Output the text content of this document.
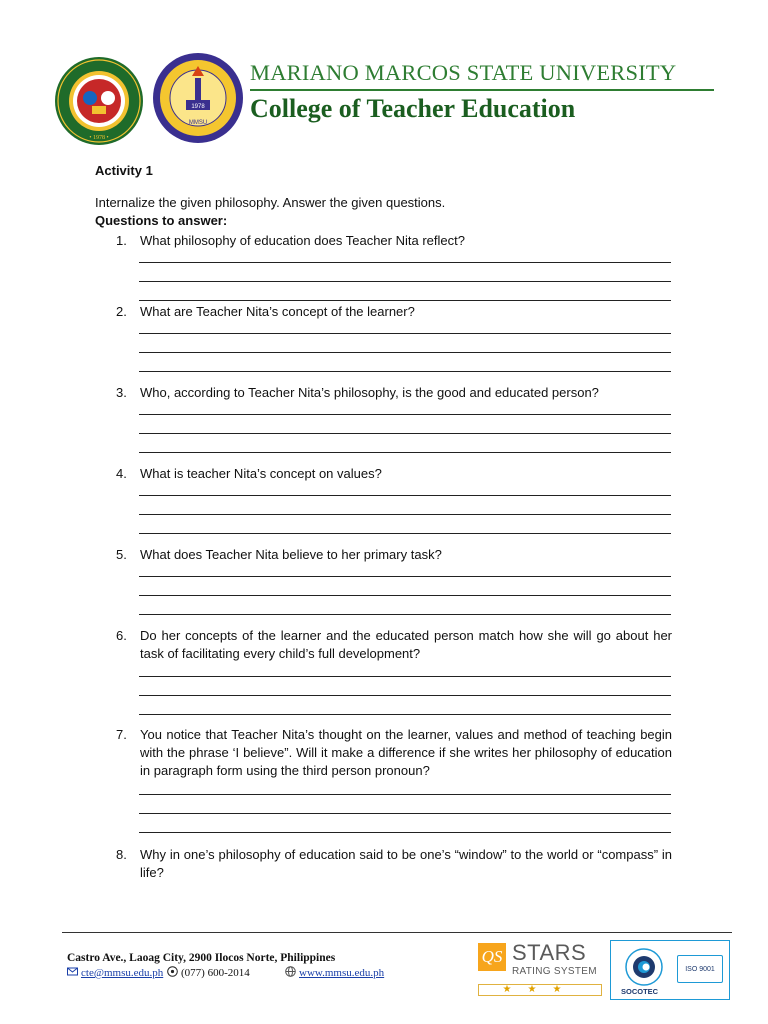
• 1978 •
1978
MMSU
MARIANO MARCOS STATE UNIVERSITY
College of Teacher Education
Activity 1
Internalize the given philosophy. Answer the given questions.
Questions to answer:
1.	What philosophy of education does Teacher Nita reflect?
2.	What are Teacher Nita’s concept of the learner?
3.	Who, according to Teacher Nita’s philosophy, is the good and educated person?
4.	What is teacher Nita’s concept on values?
5.	What does Teacher Nita believe to her primary task?
6.	Do her concepts of the learner and the educated person match how she will go about her task of facilitating every child’s full development?
7.	You notice that Teacher Nita’s thought on the learner, values and method of teaching begin with the phrase ‘I believe”. Will it make a difference if she writes her philosophy of education in paragraph form using the third person pronoun?
8.	Why in one’s philosophy of education said to be one’s “window” to the world or “compass” in life?
Castro Ave., Laoag City, 2900 Ilocos Norte, Philippines
cte@mmsu.edu.ph	(077) 600-2014	www.mmsu.edu.ph
QS STARS
RATING SYSTEM
★★★	SOCOTEC
ISO 9001
